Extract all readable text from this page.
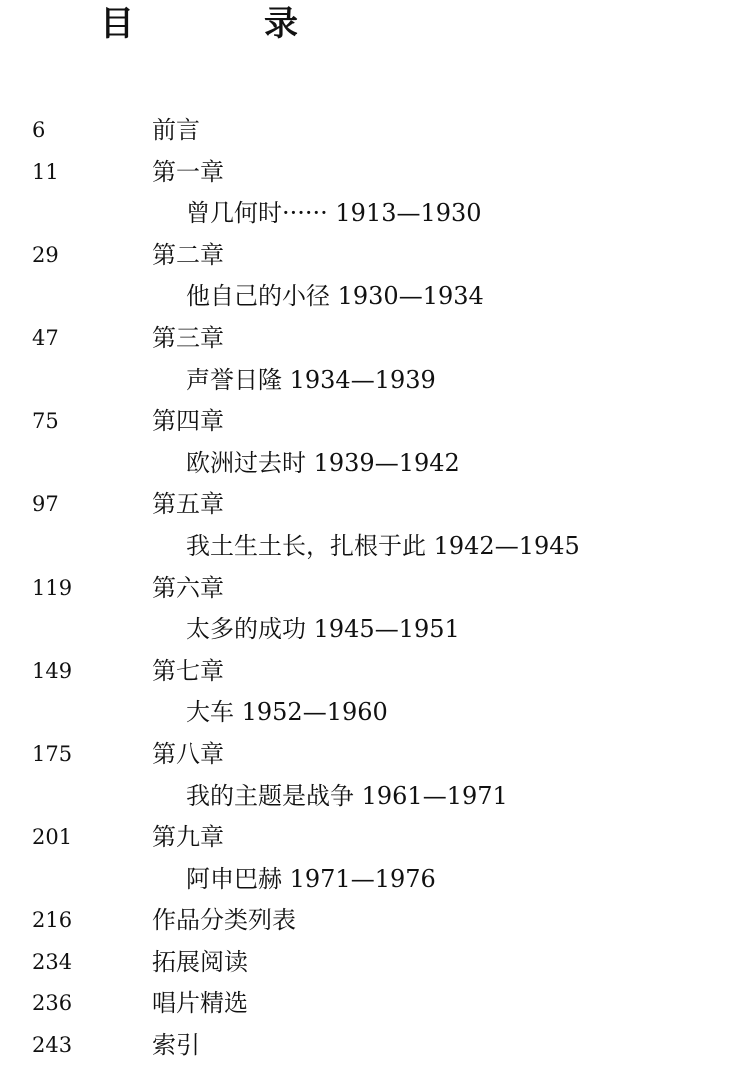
目　录
6	前言
11	第一章
曾几何时······ 1913—1930
29	第二章
他自己的小径 1930—1934
47	第三章
声誉日隆 1934—1939
75	第四章
欧洲过去时 1939—1942
97	第五章
我土生土长，扎根于此 1942—1945
119	第六章
太多的成功 1945—1951
149	第七章
大车 1952—1960
175	第八章
我的主题是战争 1961—1971
201	第九章
阿申巴赫 1971—1976
216	作品分类列表
234	拓展阅读
236	唱片精选
243	索引
